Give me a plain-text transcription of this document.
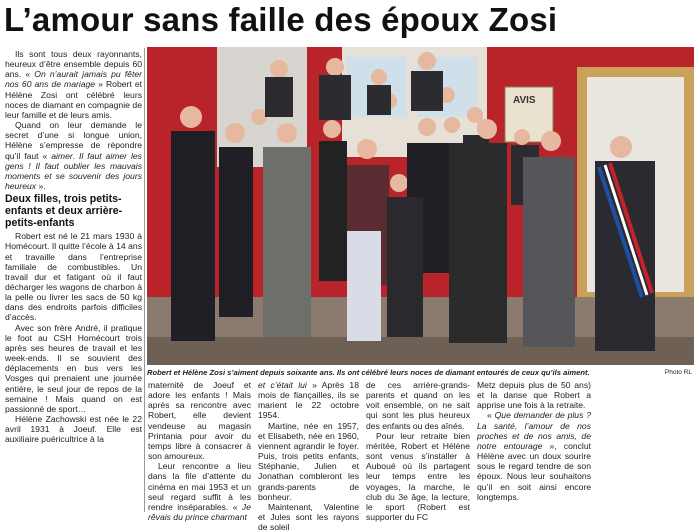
L’amour sans faille des époux Zosi

Ils sont tous deux rayonnants, heureux d’être ensemble depuis 60 ans. « On n’aurait jamais pu fêter nos 60 ans de mariage » Robert et Hélène Zosi ont célébré leurs noces de diamant en compagnie de leur famille et de leurs amis.

Quand on leur demande le secret d’une si longue union, Hélène s’empresse de répondre qu’il faut « aimer. Il faut aimer les gens ! Il faut oublier les mauvais moments et se souvenir des jours heureux ».

Deux filles, trois petits-enfants et deux arrière-petits-enfants

Robert est né le 21 mars 1930 à Homécourt. Il quitte l’école à 14 ans et travaille dans l’entreprise familiale de combustibles. Un travail dur et fatigant où il faut décharger les wagons de charbon à la pelle ou livrer les sacs de 50 kg dans des endroits parfois difficiles d’accès.

Avec son frère André, il pratique le foot au CSH Homécourt trois après ses heures de travail et les week-ends. Il se souvient des déplacements en bus vers les Vosges qui prenaient une journée entière, le seul jour de repos de la semaine ! Mais quand on est passionné de sport…

Hélène Zachowski est née le 22 avril 1931 à Joeuf. Elle est auxiliaire puéricultrice à la

AVIS
Robert et Hélène Zosi s’aiment depuis soixante ans. Ils ont célébré leurs noces de diamant entourés de ceux qu’ils aiment.	Photo RL

maternité de Joeuf et adore les enfants ! Mais après sa rencontre avec Robert, elle devient vendeuse au magasin Printania pour avoir du temps libre à consacrer à son amoureux.

Leur rencontre a lieu dans la file d’attente du cinéma en mai 1953 et un seul regard suffit à les rendre inséparables. « Je rêvais du prince charmant

et c’était lui » Après 18 mois de fiançailles, ils se marient le 22 octobre 1954.

Martine, née en 1957, et Elisabeth, née en 1960, viennent agrandir le foyer. Puis, trois petits enfants, Stéphanie, Julien et Jonathan combleront les grands-parents de bonheur.

Maintenant, Valentine et Jules sont les rayons de soleil

de ces arrière-grands-parents et quand on les voit ensemble, on ne sait qui sont les plus heureux des enfants ou des aînés.

Pour leur retraite bien méritée, Robert et Hélène sont venus s’installer à Auboué où ils partagent leur temps entre les voyages, la marche, le club du 3e âge, la lecture, le sport (Robert est supporter du FC

Metz depuis plus de 50 ans) et la danse que Robert a apprise une fois à la retraite.

« Que demander de plus ? La santé, l’amour de nos proches et de nos amis, de notre entourage », conclut Hélène avec un doux sourire sous le regard tendre de son époux. Nous leur souhaitons qu’il en soit ainsi encore longtemps.
